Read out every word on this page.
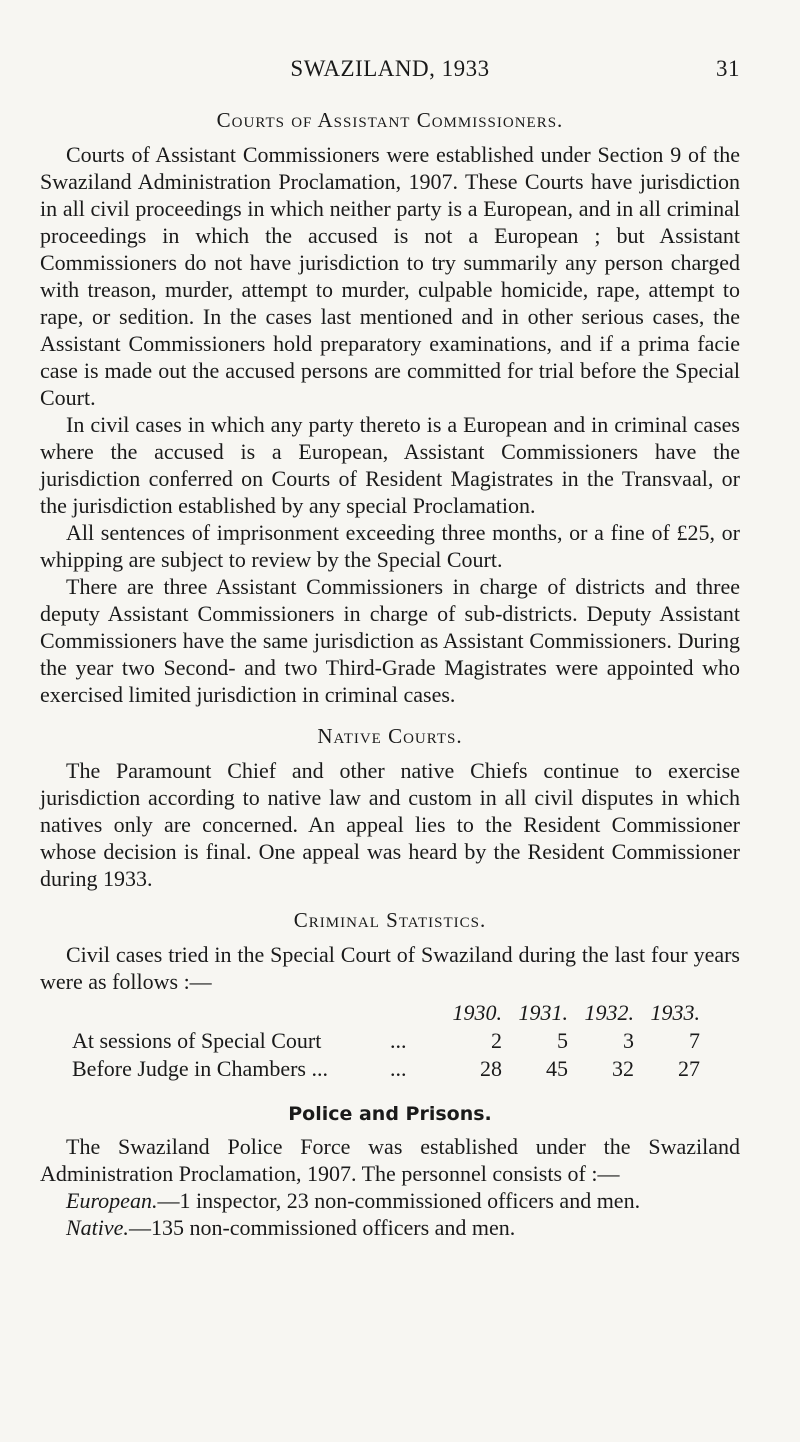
SWAZILAND, 1933	31
Courts of Assistant Commissioners.

Courts of Assistant Commissioners were established under Section 9 of the Swaziland Administration Proclamation, 1907. These Courts have jurisdiction in all civil proceedings in which neither party is a European, and in all criminal proceedings in which the accused is not a European ; but Assistant Commissioners do not have jurisdiction to try summarily any person charged with treason, murder, attempt to murder, culpable homicide, rape, attempt to rape, or sedition. In the cases last mentioned and in other serious cases, the Assistant Commissioners hold preparatory examinations, and if a prima facie case is made out the accused persons are committed for trial before the Special Court.

In civil cases in which any party thereto is a European and in criminal cases where the accused is a European, Assistant Commissioners have the jurisdiction conferred on Courts of Resident Magistrates in the Transvaal, or the jurisdiction established by any special Proclamation.

All sentences of imprisonment exceeding three months, or a fine of £25, or whipping are subject to review by the Special Court.

There are three Assistant Commissioners in charge of districts and three deputy Assistant Commissioners in charge of sub-districts. Deputy Assistant Commissioners have the same jurisdiction as Assistant Commissioners. During the year two Second- and two Third-Grade Magistrates were appointed who exercised limited jurisdiction in criminal cases.

Native Courts.

The Paramount Chief and other native Chiefs continue to exercise jurisdiction according to native law and custom in all civil disputes in which natives only are concerned. An appeal lies to the Resident Commissioner whose decision is final. One appeal was heard by the Resident Commissioner during 1933.

Criminal Statistics.

Civil cases tried in the Special Court of Swaziland during the last four years were as follows :—

		1930.	1931.	1932.	1933.
At sessions of Special Court	...	2	5	3	7
Before Judge in Chambers ...	...	28	45	32	27
Police and Prisons.

The Swaziland Police Force was established under the Swaziland Administration Proclamation, 1907. The personnel consists of :—

European.—1 inspector, 23 non-commissioned officers and men.

Native.—135 non-commissioned officers and men.
